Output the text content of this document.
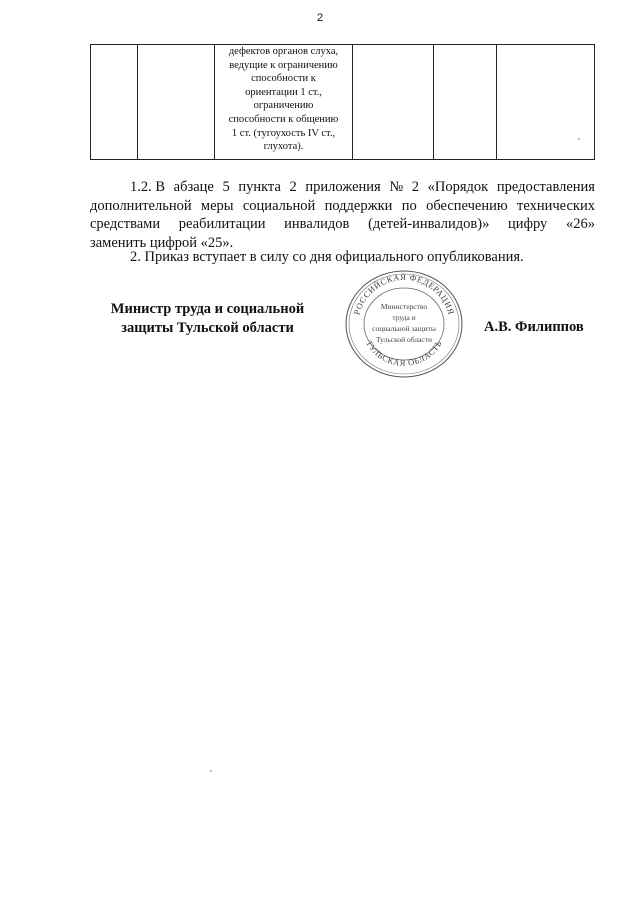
2

дефектов органов слуха,
ведущие к ограничению
способности к
ориентации 1 ст.,
ограничению
способности к общению
1 ст. (тугоухость IV ст.,
глухота).

1.2. В абзаце 5 пункта 2 приложения № 2 «Порядок предоставления
дополнительной меры социальной поддержки по обеспечению технических
средствами реабилитации инвалидов (детей-инвалидов)» цифру «26»
заменить цифрой «25».

2. Приказ вступает в силу со дня официального опубликования.

Министр труда и социальной
защиты Тульской области
РОССИЙСКАЯ ФЕДЕРАЦИЯ
ТУЛЬСКАЯ ОБЛАСТЬ
Министерство
труда и
социальной защиты
Тульской области
А.В. Филиппов
